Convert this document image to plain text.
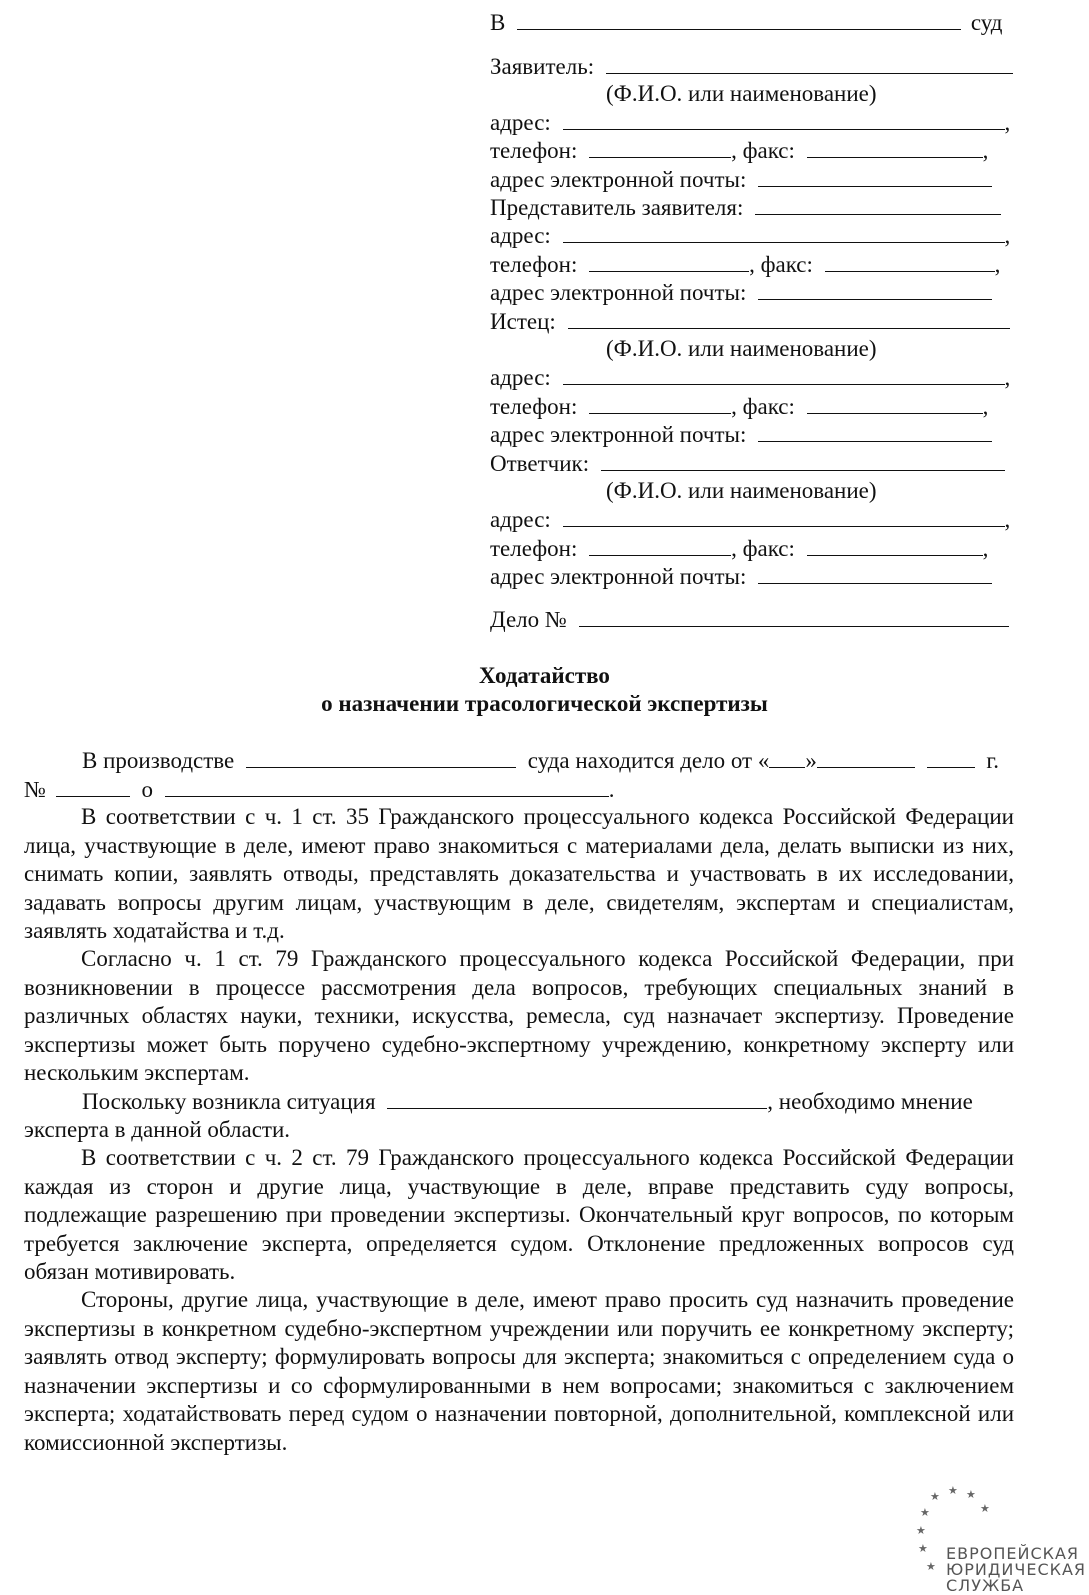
В	суд
Заявитель:
(Ф.И.О. или наименование)
адрес:	,
телефон:	, факс:	,
адрес электронной почты:
Представитель заявителя:
адрес:	,
телефон:	, факс:	,
адрес электронной почты:
Истец:
(Ф.И.О. или наименование)
адрес:	,
телефон:	, факс:	,
адрес электронной почты:
Ответчик:
(Ф.И.О. или наименование)
адрес:	,
телефон:	, факс:	,
адрес электронной почты:
Дело №
Ходатайство
о назначении трасологической экспертизы
В производстве	суда находится дело от « »	г.
№	о	.

В соответствии с ч. 1 ст. 35 Гражданского процессуального кодекса Российской Федерации лица, участвующие в деле, имеют право знакомиться с материалами дела, делать выписки из них, снимать копии, заявлять отводы, представлять доказательства и участвовать в их исследовании, задавать вопросы другим лицам, участвующим в деле, свидетелям, экспертам и специалистам, заявлять ходатайства и т.д.

Согласно ч. 1 ст. 79 Гражданского процессуального кодекса Российской Федерации, при возникновении в процессе рассмотрения дела вопросов, требующих специальных знаний в различных областях науки, техники, искусства, ремесла, суд назначает экспертизу. Проведение экспертизы может быть поручено судебно-экспертному учреждению, конкретному эксперту или нескольким экспертам.

Поскольку возникла ситуация	, необходимо мнение
эксперта в данной области.

В соответствии с ч. 2 ст. 79 Гражданского процессуального кодекса Российской Федерации каждая из сторон и другие лица, участвующие в деле, вправе представить суду вопросы, подлежащие разрешению при проведении экспертизы. Окончательный круг вопросов, по которым требуется заключение эксперта, определяется судом. Отклонение предложенных вопросов суд обязан мотивировать.

Стороны, другие лица, участвующие в деле, имеют право просить суд назначить проведение экспертизы в конкретном судебно-экспертном учреждении или поручить ее конкретному эксперту; заявлять отвод эксперту; формулировать вопросы для эксперта; знакомиться с определением суда о назначении экспертизы и со сформулированными в нем вопросами; знакомиться с заключением эксперта; ходатайствовать перед судом о назначении повторной, дополнительной, комплексной или комиссионной экспертизы.

★ ★ ★
★
★
★
★
★
ЕВРОПЕЙСКАЯ
ЮРИДИЧЕСКАЯ
СЛУЖБА
